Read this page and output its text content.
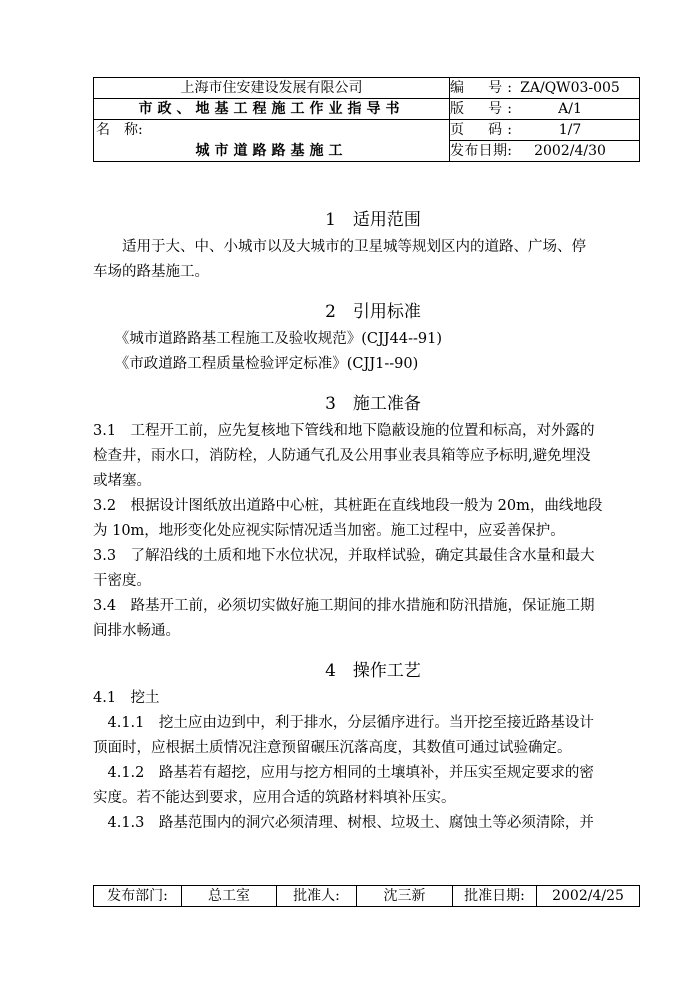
上海市住安建设发展有限公司	编　号: ZA/QW03-005
市政、地基工程施工作业指导书	版　号: A/1
名　称:	页　码: 1/7
城市道路路基施工	发布日期: 2002/4/30
1　适用范围
　　适用于大、中、小城市以及大城市的卫星城等规划区内的道路、广场、停
车场的路基施工。
2　引用标准
　　《城市道路路基工程施工及验收规范》(CJJ44--91)
　　《市政道路工程质量检验评定标准》(CJJ1--90)
3　施工准备
3.1　工程开工前，应先复核地下管线和地下隐蔽设施的位置和标高，对外露的
检查井，雨水口，消防栓，人防通气孔及公用事业表具箱等应予标明,避免埋没
或堵塞。
3.2　根据设计图纸放出道路中心桩，其桩距在直线地段一般为 20m，曲线地段
为 10m，地形变化处应视实际情况适当加密。施工过程中，应妥善保护。
3.3　了解沿线的土质和地下水位状况，并取样试验，确定其最佳含水量和最大
干密度。
3.4　路基开工前，必须切实做好施工期间的排水措施和防汛措施，保证施工期
间排水畅通。
4　操作工艺
4.1　挖土
　4.1.1　挖土应由边到中，利于排水，分层循序进行。当开挖至接近路基设计
顶面时，应根据土质情况注意预留碾压沉落高度，其数值可通过试验确定。
　4.1.2　路基若有超挖，应用与挖方相同的土壤填补，并压实至规定要求的密
实度。若不能达到要求，应用合适的筑路材料填补压实。
　4.1.3　路基范围内的洞穴必须清理、树根、垃圾土、腐蚀土等必须清除，并
发布部门:	总工室	批准人:	沈三新	批准日期:	2002/4/25
